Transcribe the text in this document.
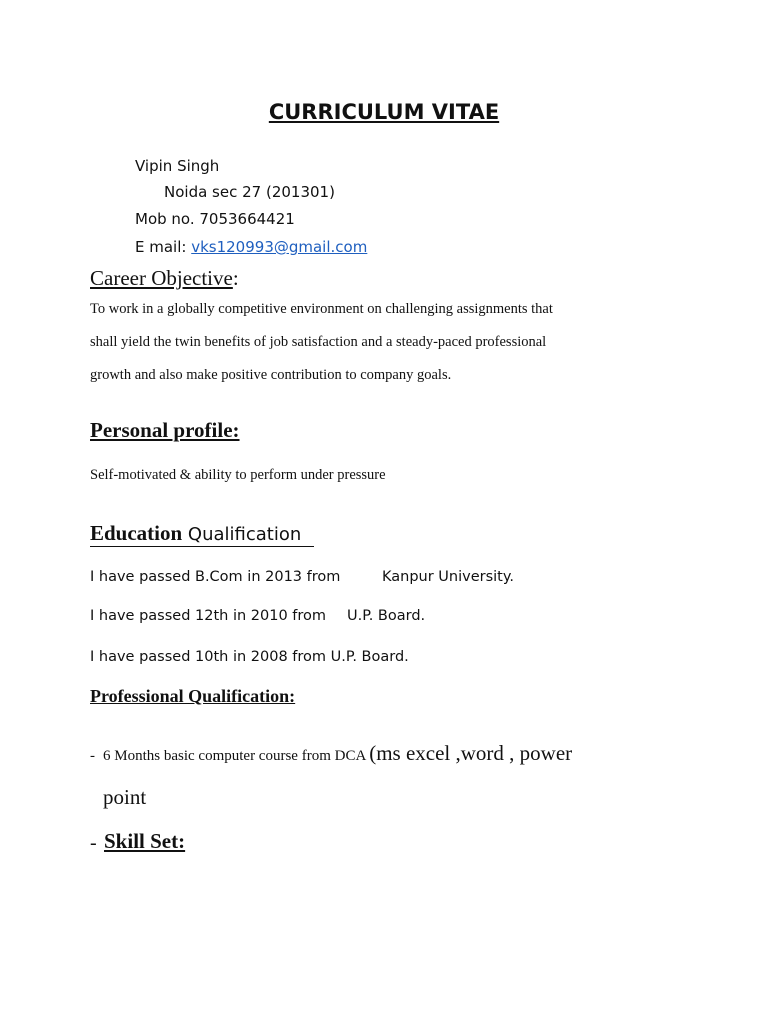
CURRICULUM VITAE
Vipin Singh
Noida sec 27 (201301)
Mob no. 7053664421
E mail: vks120993@gmail.com
Career Objective:
To work in a globally competitive environment on challenging assignments that
shall yield the twin benefits of job satisfaction and a steady-paced professional
growth and also make positive contribution to company goals.
Personal profile:
Self-motivated & ability to perform under pressure
Education Qualification
I have passed B.Com in 2013 from	Kanpur University.
I have passed 12th in 2010 from U.P. Board.
I have passed 10th in 2008 from U.P. Board.
Professional Qualification:
- 6 Months basic computer course from DCA (ms excel ,word , power
point
- Skill Set:
